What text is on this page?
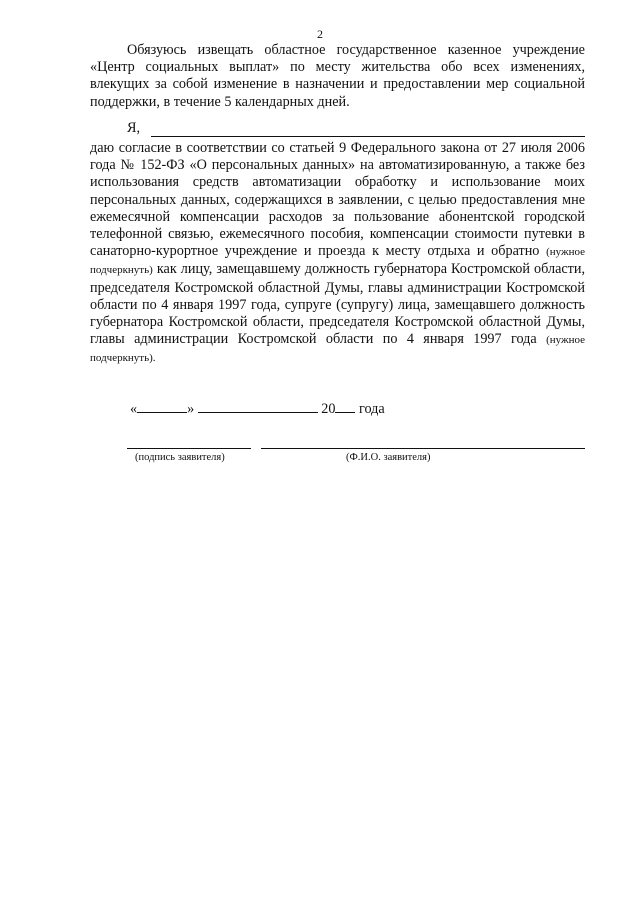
2

Обязуюсь извещать областное государственное казенное учреждение «Центр социальных выплат» по месту жительства обо всех изменениях, влекущих за собой изменение в назначении и предоставлении мер социальной поддержки, в течение 5 календарных дней.

Я,

даю согласие в соответствии со статьей 9 Федерального закона от 27 июля 2006 года № 152-ФЗ «О персональных данных» на автоматизированную, а также без использования средств автоматизации обработку и использование моих персональных данных, содержащихся в заявлении, с целью предоставления мне ежемесячной компенсации расходов за пользование абонентской городской телефонной связью, ежемесячного пособия, компенсации стоимости путевки в санаторно-курортное учреждение и проезда к месту отдыха и обратно (нужное подчеркнуть) как лицу, замещавшему должность губернатора Костромской области, председателя Костромской областной Думы, главы администрации Костромской области по 4 января 1997 года, супруге (супругу) лица, замещавшего должность губернатора Костромской области, председателя Костромской областной Думы, главы администрации Костромской области по 4 января 1997 года (нужное подчеркнуть).

«	»	20 года
(подпись заявителя)	(Ф.И.О. заявителя)
